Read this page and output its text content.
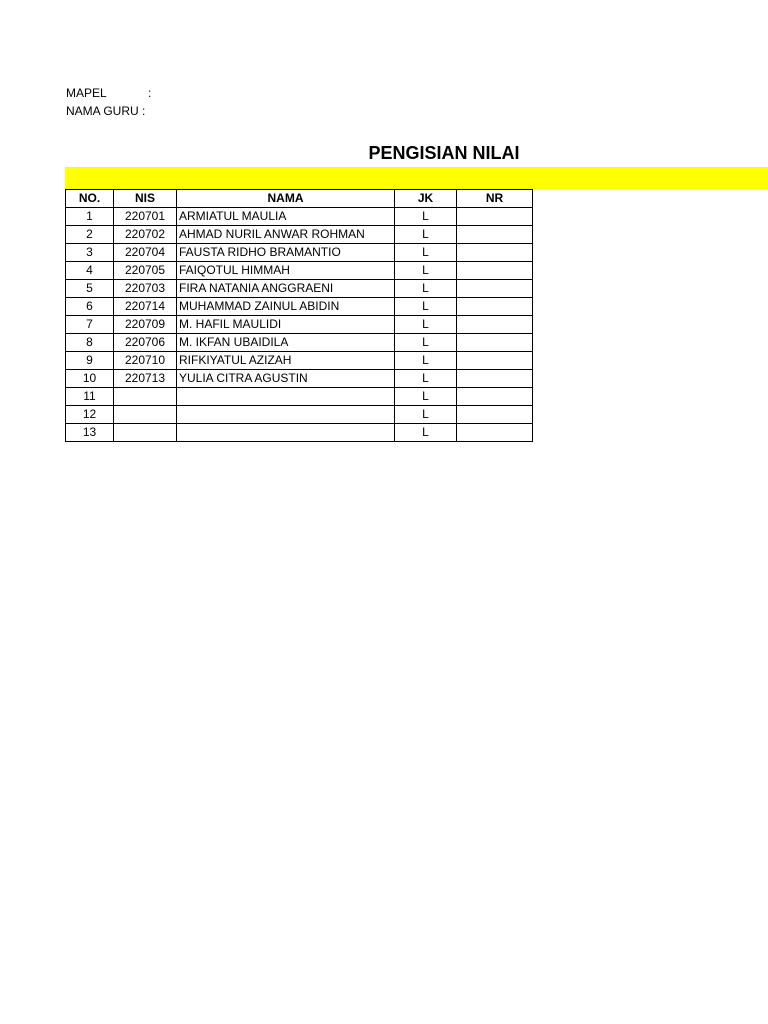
MAPEL	:
NAMA GURU :
PENGISIAN NILAI
NO.	NIS	NAMA	JK	NR
1	220701	ARMIATUL MAULIA	L	
2	220702	AHMAD NURIL ANWAR ROHMAN	L	
3	220704	FAUSTA RIDHO BRAMANTIO	L	
4	220705	FAIQOTUL HIMMAH	L	
5	220703	FIRA NATANIA ANGGRAENI	L	
6	220714	MUHAMMAD ZAINUL ABIDIN	L	
7	220709	M. HAFIL MAULIDI	L	
8	220706	M. IKFAN UBAIDILA	L	
9	220710	RIFKIYATUL AZIZAH	L	
10	220713	YULIA CITRA AGUSTIN	L	
11			L	
12			L	
13			L	
